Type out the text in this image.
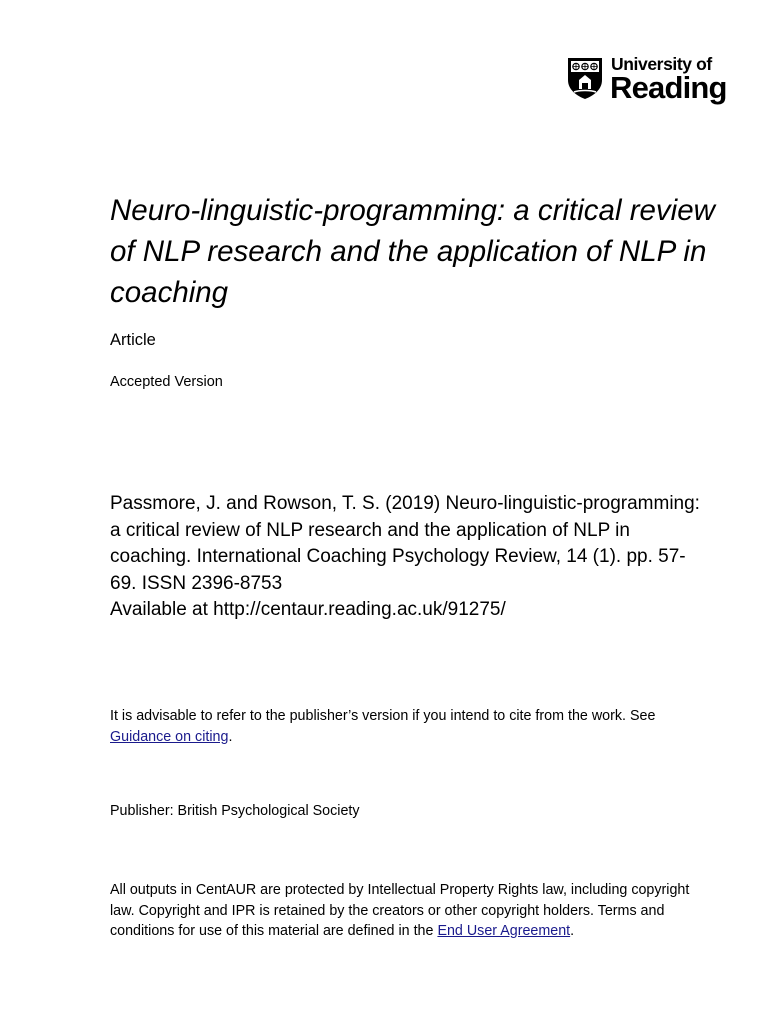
University of
Reading
Neuro-linguistic-programming: a critical review of NLP research and the application of NLP in coaching
Article
Accepted Version

Passmore, J. and Rowson, T. S. (2019) Neuro-linguistic-programming: a critical review of NLP research and the application of NLP in coaching. International Coaching Psychology Review, 14 (1). pp. 57-69. ISSN 2396-8753

Available at http://centaur.reading.ac.uk/91275/

It is advisable to refer to the publisher’s version if you intend to cite from the work. See Guidance on citing.
Publisher: British Psychological Society
All outputs in CentAUR are protected by Intellectual Property Rights law, including copyright law. Copyright and IPR is retained by the creators or other copyright holders. Terms and conditions for use of this material are defined in the End User Agreement.
